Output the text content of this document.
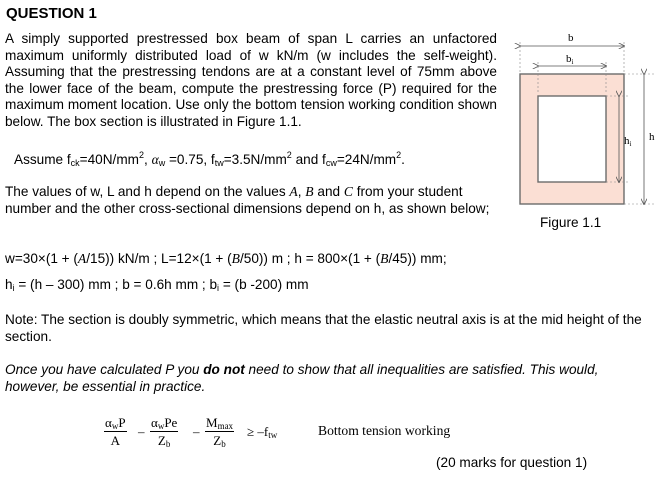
QUESTION 1
A simply supported prestressed box beam of span L carries an unfactored maximum uniformly distributed load of w kN/m (w includes the self-weight). Assuming that the prestressing tendons are at a constant level of 75mm above the lower face of the beam, compute the prestressing force (P) required for the maximum moment location. Use only the bottom tension working condition shown below. The box section is illustrated in Figure 1.1.
Assume $f_{ck}=40N/mm^2$, $\alpha_w =0.75$, $f_{tw}=3.5N/mm^2$ and $f_{cw}=24N/mm^2$.
The values of w, L and h depend on the values A, B and C from your student number and the other cross-sectional dimensions depend on h, as shown below;
w=30×(1 + (A/15)) kN/m ; L=12×(1 + (B/50)) m ; h = 800×(1 + (B/45)) mm;
$h_i = (h - 300)$ mm ; b = 0.6h mm ; $b_i = (b$ -200) mm
Note: The section is doubly symmetric, which means that the elastic neutral axis is at the mid height of the section.
Once you have calculated P you do not need to show that all inequalities are satisfied. This would, however, be essential in practice.
$\alpha_wP$
A
–
$\alpha_wPe$
$Z_b$
–
$M_{max}$
$Z_b$
≥ $-f_{tw}$	Bottom tension working
(20 marks for question 1)
b
bi
hi
h
Figure 1.1
